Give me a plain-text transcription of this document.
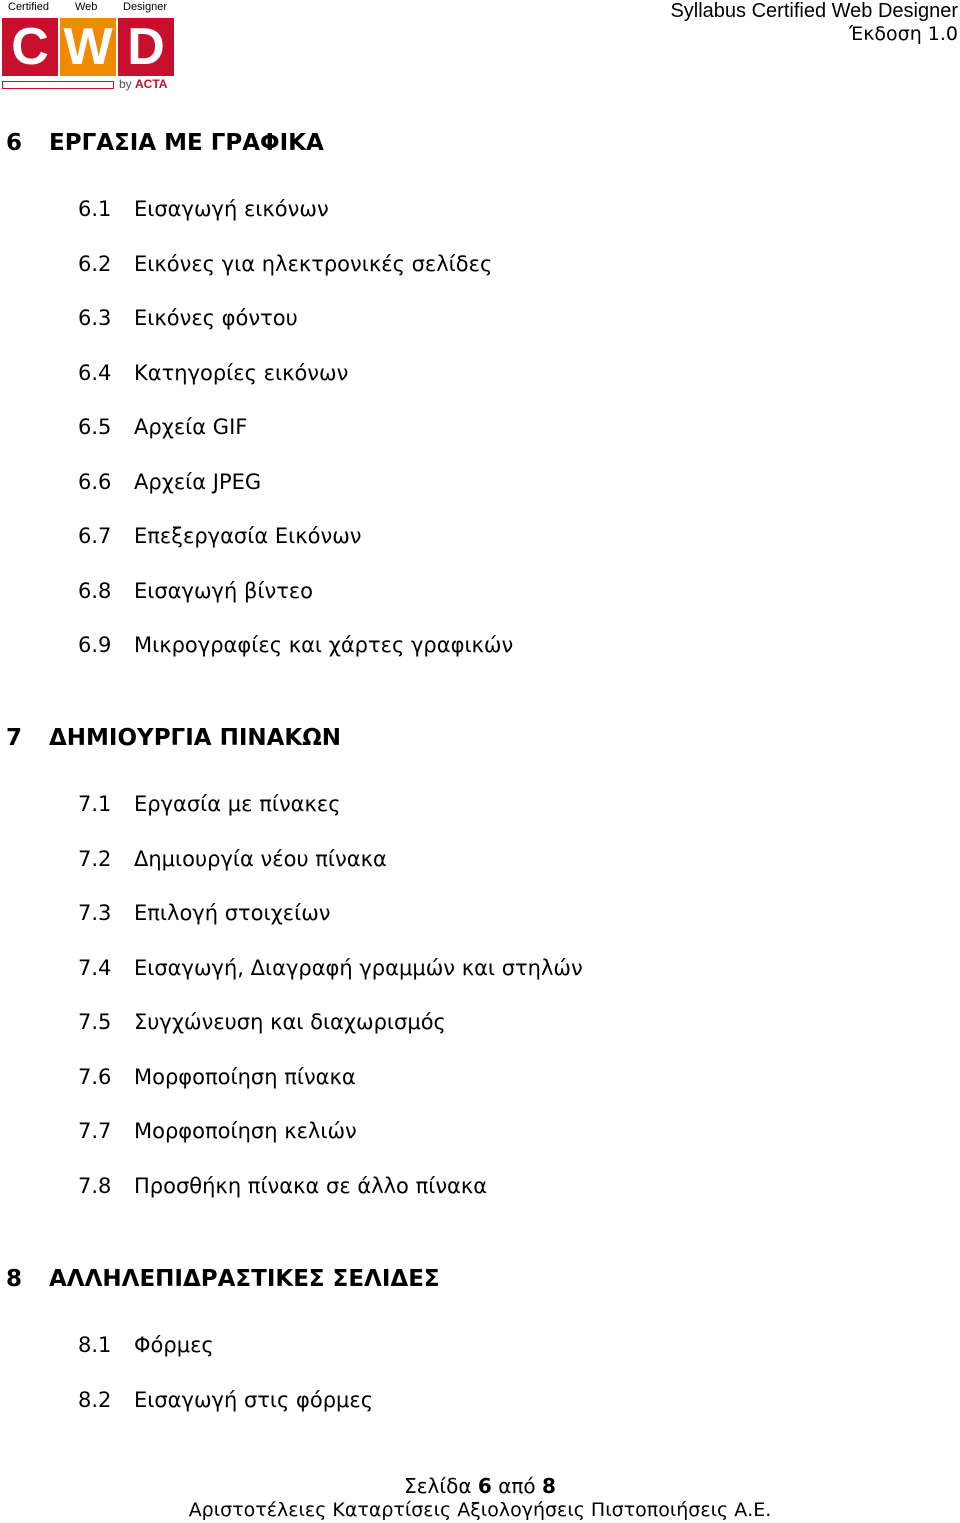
Certified Web Designer
C W D
by ACTA
Syllabus Certified Web Designer
Έκδοση 1.0
6 ΕΡΓΑΣΙΑ ΜΕ ΓΡΑΦΙΚΑ
6.1 Εισαγωγή εικόνων
6.2 Εικόνες για ηλεκτρονικές σελίδες
6.3 Εικόνες φόντου
6.4 Κατηγορίες εικόνων
6.5 Αρχεία GIF
6.6 Αρχεία JPEG
6.7 Επεξεργασία Εικόνων
6.8 Εισαγωγή βίντεο
6.9 Μικρογραφίες και χάρτες γραφικών
7 ΔΗΜΙΟΥΡΓΙΑ ΠΙΝΑΚΩΝ
7.1 Εργασία με πίνακες
7.2 Δημιουργία νέου πίνακα
7.3 Επιλογή στοιχείων
7.4 Εισαγωγή, Διαγραφή γραμμών και στηλών
7.5 Συγχώνευση και διαχωρισμός
7.6 Μορφοποίηση πίνακα
7.7 Μορφοποίηση κελιών
7.8 Προσθήκη πίνακα σε άλλο πίνακα
8 ΑΛΛΗΛΕΠΙΔΡΑΣΤΙΚΕΣ ΣΕΛΙΔΕΣ
8.1 Φόρμες
8.2 Εισαγωγή στις φόρμες
Σελίδα 6 από 8
Αριστοτέλειες Καταρτίσεις Αξιολογήσεις Πιστοποιήσεις Α.Ε.
